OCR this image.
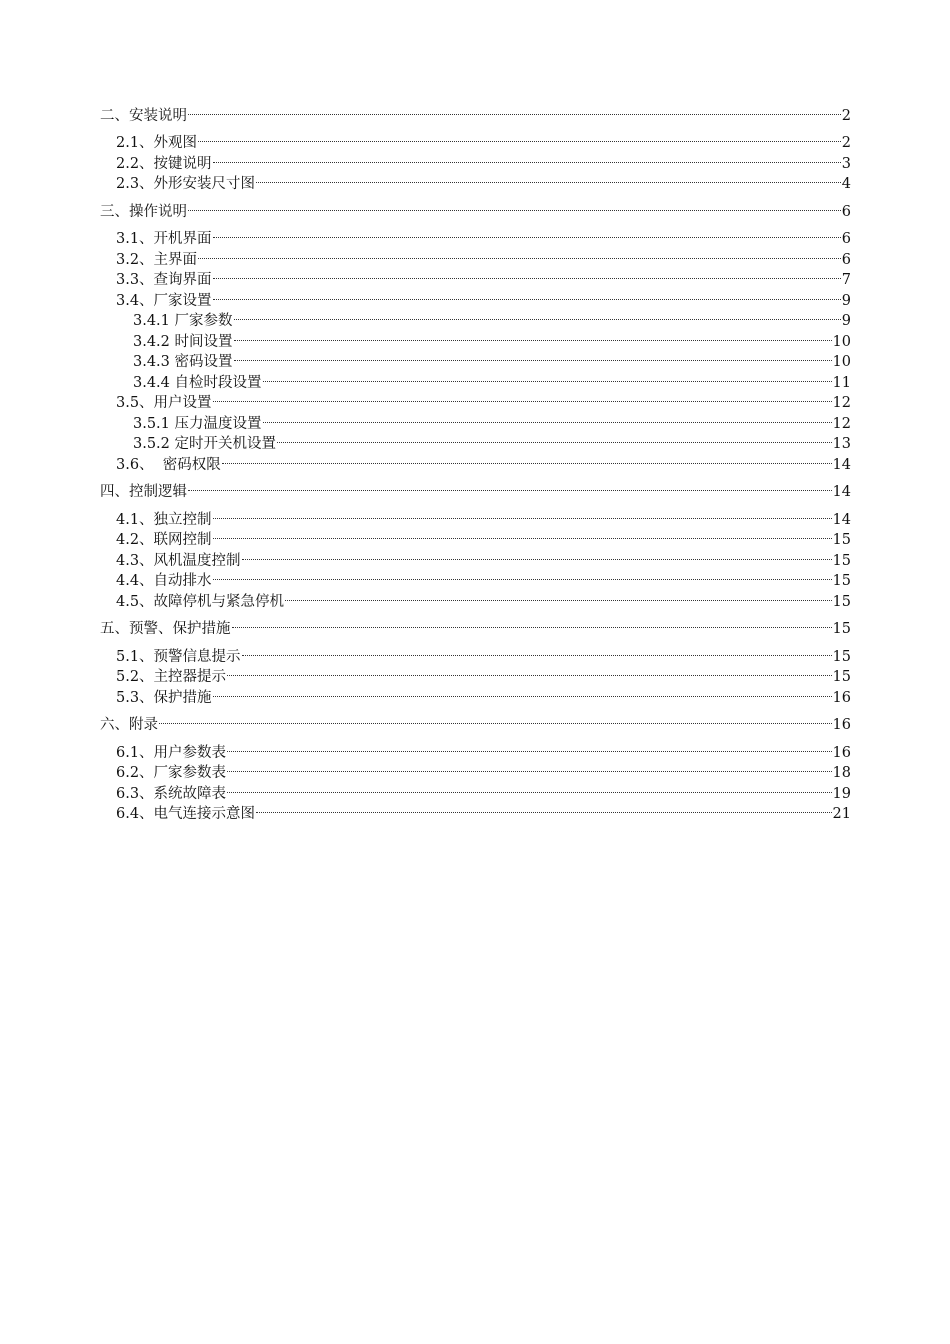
二、安装说明	2
2.1、外观图	2
2.2、按键说明	3
2.3、外形安装尺寸图	4
三、操作说明	6
3.1、开机界面	6
3.2、主界面	6
3.3、查询界面	7
3.4、厂家设置	9
3.4.1 厂家参数	9
3.4.2 时间设置	10
3.4.3 密码设置	10
3.4.4 自检时段设置	11
3.5、用户设置	12
3.5.1 压力温度设置	12
3.5.2 定时开关机设置	13
3.6、  密码权限	14
四、控制逻辑	14
4.1、独立控制	14
4.2、联网控制	15
4.3、风机温度控制	15
4.4、自动排水	15
4.5、故障停机与紧急停机	15
五、预警、保护措施	15
5.1、预警信息提示	15
5.2、主控器提示	15
5.3、保护措施	16
六、附录	16
6.1、用户参数表	16
6.2、厂家参数表	18
6.3、系统故障表	19
6.4、电气连接示意图	21
